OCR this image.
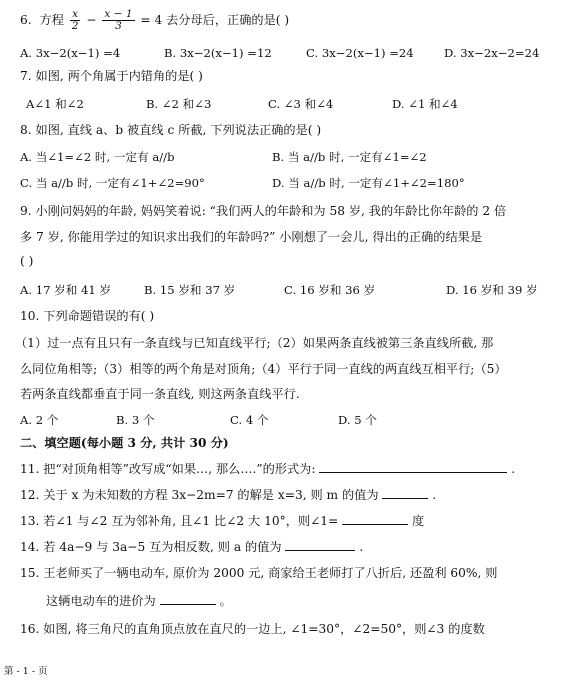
6. 方程 $\frac{x}{2} - \frac{x - 1}{3} = 4$ 去分母后，正确的是( )
A. 3x−2(x−1) =4	B. 3x−2(x−1) =12	C. 3x−2(x−1) =24	D. 3x−2x−2=24
7. 如图, 两个角属于内错角的是( )
A∠1 和∠2	B. ∠2 和∠3	C. ∠3 和∠4	D. ∠1 和∠4
8. 如图, 直线 a、b 被直线 c 所截, 下列说法正确的是( )
A. 当∠1=∠2 时, 一定有 a//b	B. 当 a//b 时, 一定有∠1=∠2
C. 当 a//b 时, 一定有∠1+∠2=90°	D. 当 a//b 时, 一定有∠1+∠2=180°
9. 小刚问妈妈的年龄, 妈妈笑着说: “我们两人的年龄和为 58 岁, 我的年龄比你年龄的 2 倍
多 7 岁, 你能用学过的知识求出我们的年龄吗?” 小刚想了一会儿, 得出的正确的结果是
( )
A. 17 岁和 41 岁	B. 15 岁和 37 岁	C. 16 岁和 36 岁	D. 16 岁和 39 岁
10. 下列命题错误的有( )
（1）过一点有且只有一条直线与已知直线平行;（2）如果两条直线被第三条直线所截, 那
么同位角相等;（3）相等的两个角是对顶角;（4）平行于同一直线的两直线互相平行;（5）
若两条直线都垂直于同一条直线, 则这两条直线平行.
A. 2 个	B. 3 个	C. 4 个	D. 5 个
二、填空题(每小题 3 分, 共计 30 分)
11. 把“对顶角相等”改写成“如果…, 那么….”的形式为:	.
12. 关于 x 为未知数的方程 3x−2m=7 的解是 x=3, 则 m 的值为	.
13. 若∠1 与∠2 互为邻补角, 且∠1 比∠2 大 10°，则∠1=	度
14. 若 4a−9 与 3a−5 互为相反数, 则 a 的值为	.
15. 王老师买了一辆电动车, 原价为 2000 元, 商家给王老师打了八折后, 还盈利 60%, 则
这辆电动车的进价为	。
16. 如图, 将三角尺的直角顶点放在直尺的一边上, ∠1=30°，∠2=50°，则∠3 的度数
第 - 1 - 页
